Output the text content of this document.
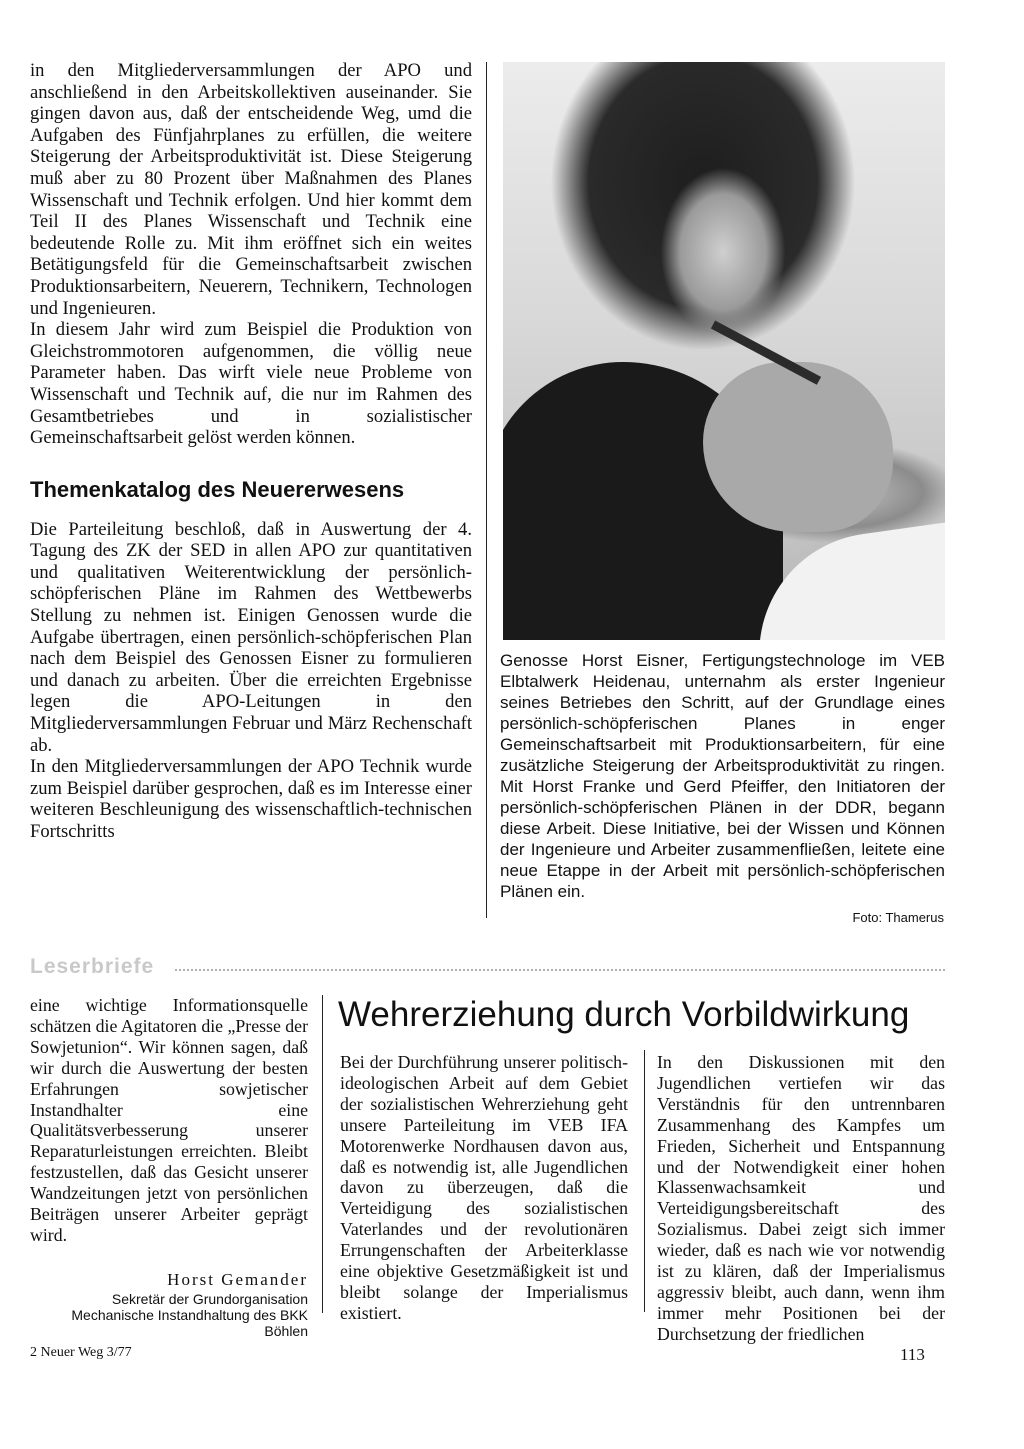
in den Mitgliederversammlungen der APO und anschließend in den Arbeitskollektiven auseinander. Sie gingen davon aus, daß der entscheidende Weg, umd die Aufgaben des Fünfjahrplanes zu erfüllen, die weitere Steigerung der Arbeitsproduktivität ist. Diese Steigerung muß aber zu 80 Prozent über Maßnahmen des Planes Wissenschaft und Technik erfolgen. Und hier kommt dem Teil II des Planes Wissenschaft und Technik eine bedeutende Rolle zu. Mit ihm eröffnet sich ein weites Betätigungsfeld für die Gemeinschaftsarbeit zwischen Produktionsarbeitern, Neuerern, Technikern, Technologen und Ingenieuren.

In diesem Jahr wird zum Beispiel die Produktion von Gleichstrommotoren aufgenommen, die völlig neue Parameter haben. Das wirft viele neue Probleme von Wissenschaft und Technik auf, die nur im Rahmen des Gesamtbetriebes und in sozialistischer Gemeinschaftsarbeit gelöst werden können.

Themenkatalog des Neuererwesens

Die Parteileitung beschloß, daß in Auswertung der 4. Tagung des ZK der SED in allen APO zur quantitativen und qualitativen Weiterentwicklung der persönlich-schöpferischen Pläne im Rahmen des Wettbewerbs Stellung zu nehmen ist. Einigen Genossen wurde die Aufgabe übertragen, einen persönlich-schöpferischen Plan nach dem Beispiel des Genossen Eisner zu formulieren und danach zu arbeiten. Über die erreichten Ergebnisse legen die APO-Leitungen in den Mitgliederversammlungen Februar und März Rechenschaft ab.

In den Mitgliederversammlungen der APO Technik wurde zum Beispiel darüber gesprochen, daß es im Interesse einer weiteren Beschleunigung des wissenschaftlich-technischen Fortschritts

Genosse Horst Eisner, Fertigungstechnologe im VEB Elbtalwerk Heidenau, unternahm als erster Ingenieur seines Betriebes den Schritt, auf der Grundlage eines persönlich-schöpferischen Planes in enger Gemeinschaftsarbeit mit Produktionsarbeitern, für eine zusätzliche Steigerung der Arbeitsproduktivität zu ringen. Mit Horst Franke und Gerd Pfeiffer, den Initiatoren der persönlich-schöpferischen Plänen in der DDR, begann diese Arbeit. Diese Initiative, bei der Wissen und Können der Ingenieure und Arbeiter zusammenfließen, leitete eine neue Etappe in der Arbeit mit persönlich-schöpferischen Plänen ein.
Foto: Thamerus
Leserbriefe

eine wichtige Informationsquelle schätzen die Agitatoren die „Presse der Sowjetunion“. Wir können sagen, daß wir durch die Auswertung der besten Erfahrungen sowjetischer Instandhalter eine Qualitätsverbesserung unserer Reparaturleistungen erreichten. Bleibt festzustellen, daß das Gesicht unserer Wandzeitungen jetzt von persönlichen Beiträgen unserer Arbeiter geprägt wird.

Horst Gemander
Sekretär der Grundorganisation Mechanische Instandhaltung des BKK Böhlen
Wehrerziehung durch Vorbildwirkung

Bei der Durchführung unserer politisch-ideologischen Arbeit auf dem Gebiet der sozialistischen Wehrerziehung geht unsere Parteileitung im VEB IFA Motorenwerke Nordhausen davon aus, daß es notwendig ist, alle Jugendlichen davon zu überzeugen, daß die Verteidigung des sozialistischen Vaterlandes und der revolutionären Errungenschaften der Arbeiterklasse eine objektive Gesetzmäßigkeit ist und bleibt solange der Imperialismus existiert.

In den Diskussionen mit den Jugendlichen vertiefen wir das Verständnis für den untrennbaren Zusammenhang des Kampfes um Frieden, Sicherheit und Entspannung und der Notwendigkeit einer hohen Klassenwachsamkeit und Verteidigungsbereitschaft des Sozialismus. Dabei zeigt sich immer wieder, daß es nach wie vor notwendig ist zu klären, daß der Imperialismus aggressiv bleibt, auch dann, wenn ihm immer mehr Positionen bei der Durchsetzung der friedlichen

2 Neuer Weg 3/77	113
